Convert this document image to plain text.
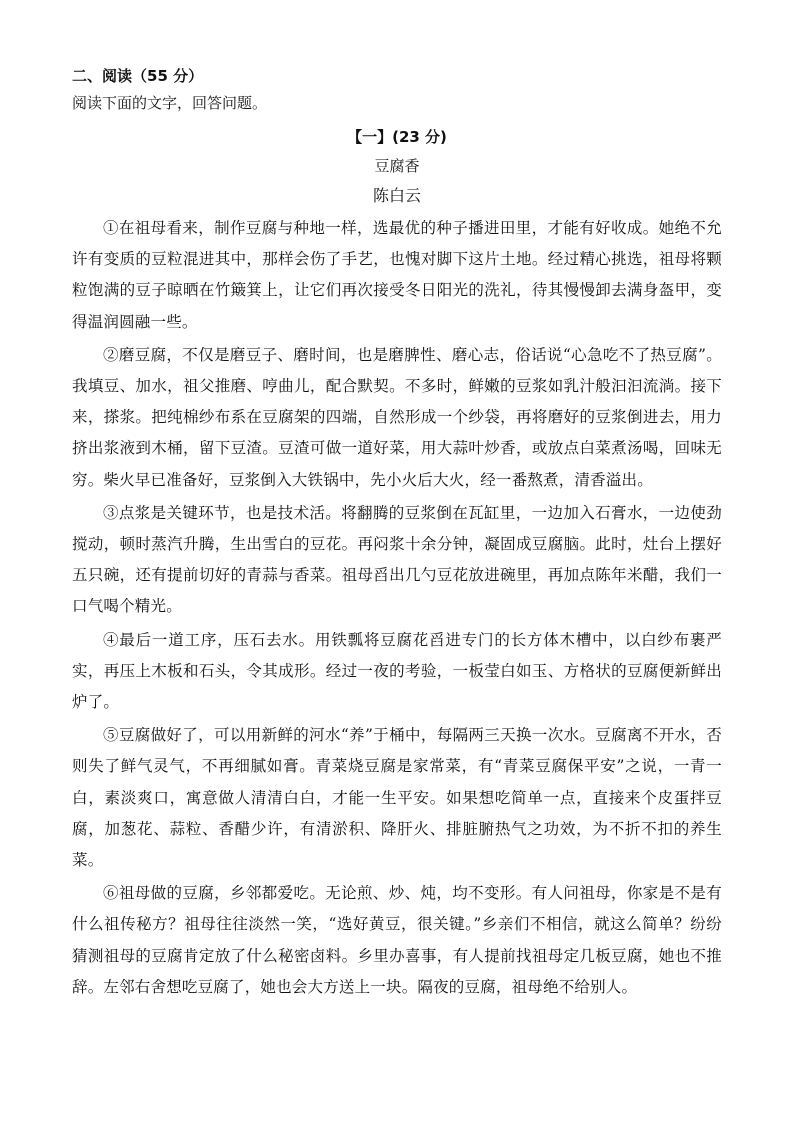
二、阅读（55 分）

阅读下面的文字，回答问题。

【一】(23 分)

豆腐香

陈白云

①在祖母看来，制作豆腐与种地一样，选最优的种子播进田里，才能有好收成。她绝不允许有变质的豆粒混进其中，那样会伤了手艺，也愧对脚下这片土地。经过精心挑选，祖母将颗粒饱满的豆子晾晒在竹簸箕上，让它们再次接受冬日阳光的洗礼，待其慢慢卸去满身盔甲，变得温润圆融一些。

②磨豆腐，不仅是磨豆子、磨时间，也是磨脾性、磨心志，俗话说“心急吃不了热豆腐”。我填豆、加水，祖父推磨、哼曲儿，配合默契。不多时，鲜嫩的豆浆如乳汁般汩汩流淌。接下来，搽浆。把纯棉纱布系在豆腐架的四端，自然形成一个纱袋，再将磨好的豆浆倒进去，用力挤出浆液到木桶，留下豆渣。豆渣可做一道好菜，用大蒜叶炒香，或放点白菜煮汤喝，回味无穷。柴火早已准备好，豆浆倒入大铁锅中，先小火后大火，经一番熬煮，清香溢出。

③点浆是关键环节，也是技术活。将翻腾的豆浆倒在瓦缸里，一边加入石膏水，一边使劲搅动，顿时蒸汽升腾，生出雪白的豆花。再闷浆十余分钟，凝固成豆腐脑。此时，灶台上摆好五只碗，还有提前切好的青蒜与香菜。祖母舀出几勺豆花放进碗里，再加点陈年米醋，我们一口气喝个精光。

④最后一道工序，压石去水。用铁瓢将豆腐花舀进专门的长方体木槽中，以白纱布裹严实，再压上木板和石头，令其成形。经过一夜的考验，一板莹白如玉、方格状的豆腐便新鲜出炉了。

⑤豆腐做好了，可以用新鲜的河水“养”于桶中，每隔两三天换一次水。豆腐离不开水，否则失了鲜气灵气，不再细腻如膏。青菜烧豆腐是家常菜，有“青菜豆腐保平安”之说，一青一白，素淡爽口，寓意做人清清白白，才能一生平安。如果想吃简单一点，直接来个皮蛋拌豆腐，加葱花、蒜粒、香醋少许，有清淤积、降肝火、排脏腑热气之功效，为不折不扣的养生菜。

⑥祖母做的豆腐，乡邻都爱吃。无论煎、炒、炖，均不变形。有人问祖母，你家是不是有什么祖传秘方？祖母往往淡然一笑，“选好黄豆，很关键。”乡亲们不相信，就这么简单？纷纷猜测祖母的豆腐肯定放了什么秘密卤料。乡里办喜事，有人提前找祖母定几板豆腐，她也不推辞。左邻右舍想吃豆腐了，她也会大方送上一块。隔夜的豆腐，祖母绝不给别人。
